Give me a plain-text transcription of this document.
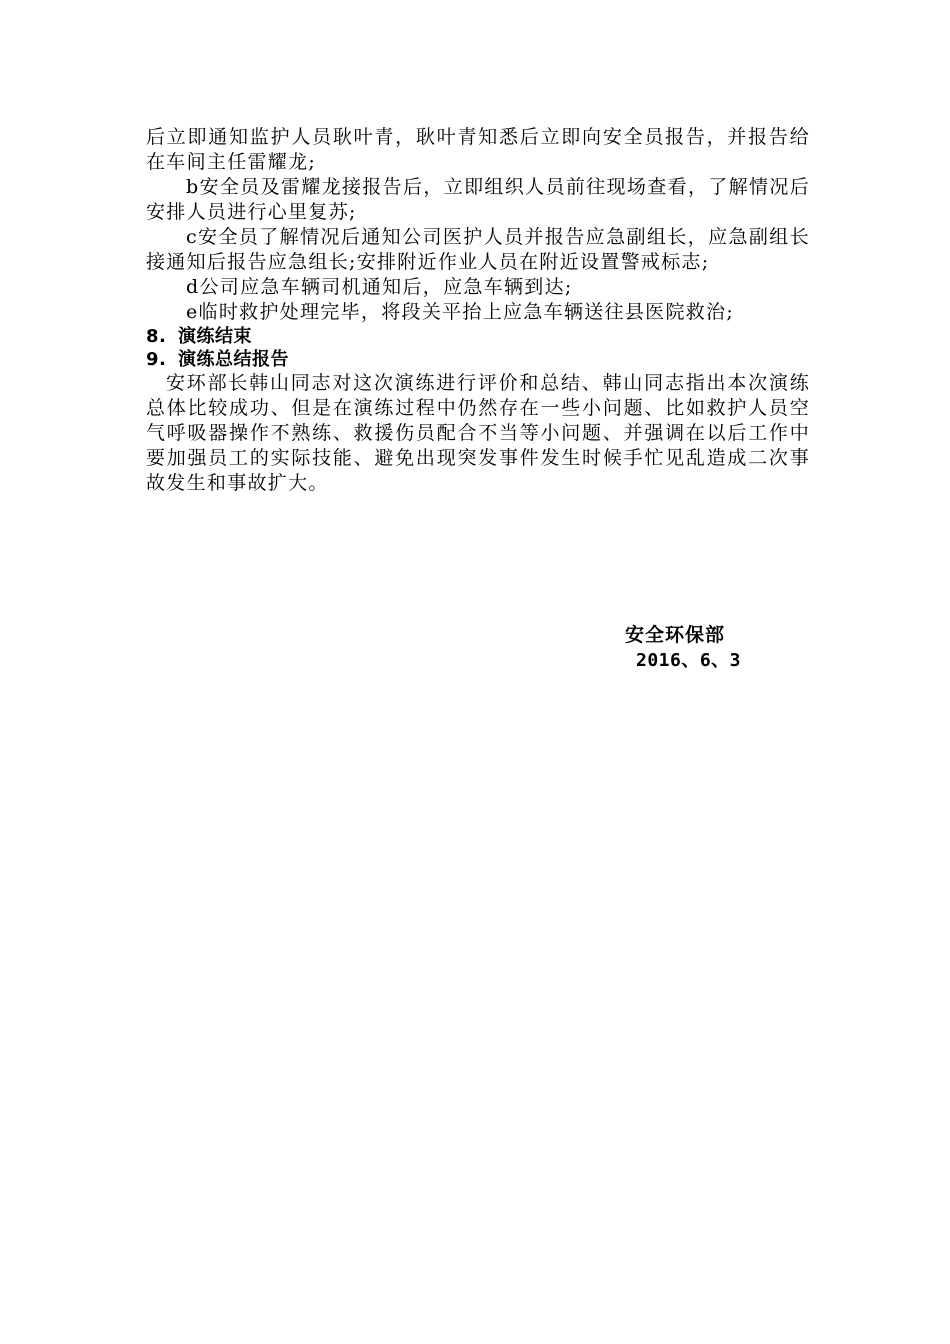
后立即通知监护人员耿叶青，耿叶青知悉后立即向安全员报告，并报告给在车间主任雷耀龙;

b安全员及雷耀龙接报告后，立即组织人员前往现场查看，了解情况后安排人员进行心里复苏;

c安全员了解情况后通知公司医护人员并报告应急副组长，应急副组长接通知后报告应急组长;安排附近作业人员在附近设置警戒标志;

d公司应急车辆司机通知后，应急车辆到达;

e临时救护处理完毕，将段关平抬上应急车辆送往县医院救治;

8. 演练结束

9. 演练总结报告

安环部长韩山同志对这次演练进行评价和总结、韩山同志指出本次演练总体比较成功、但是在演练过程中仍然存在一些小问题、比如救护人员空气呼吸器操作不熟练、救援伤员配合不当等小问题、并强调在以后工作中要加强员工的实际技能、避免出现突发事件发生时候手忙见乱造成二次事故发生和事故扩大。

安全环保部
2016、6、3
